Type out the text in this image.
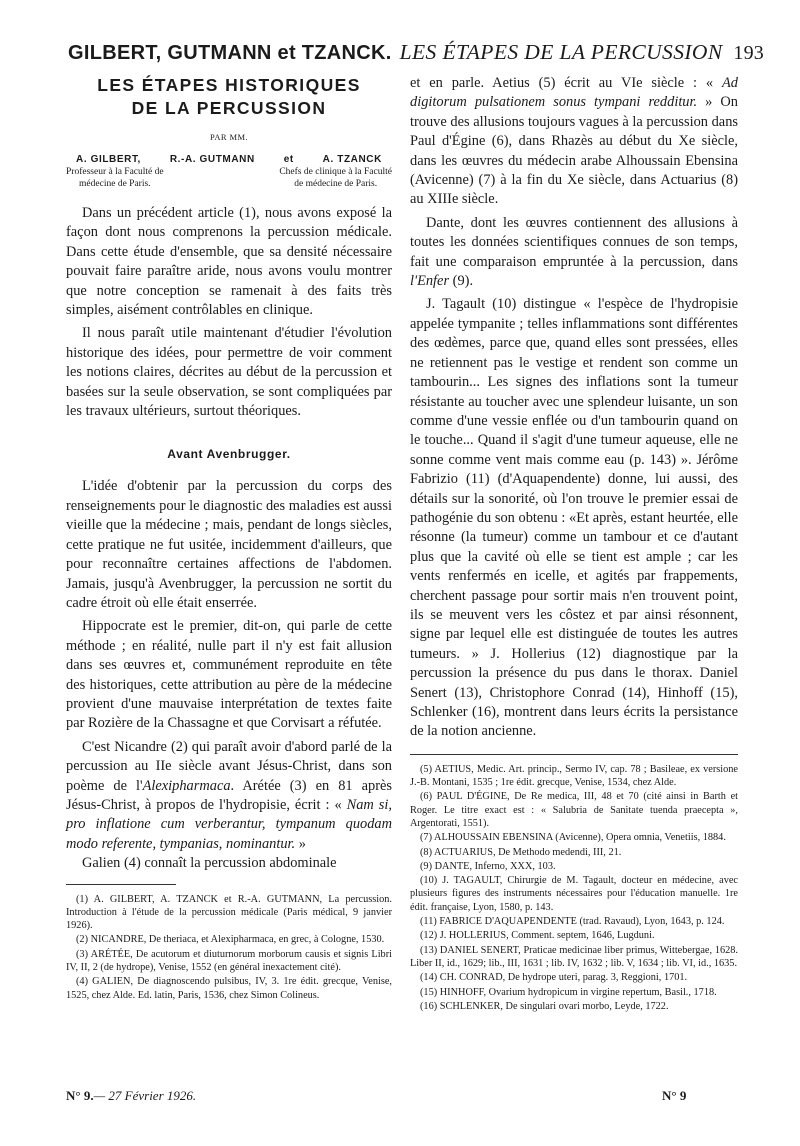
GILBERT, GUTMANN et TZANCK. LES ÉTAPES DE LA PERCUSSION 193
LES ÉTAPES HISTORIQUES
DE LA PERCUSSION
PAR MM.
A. GILBERT,	R.-A. GUTMANN	et	A. TZANCK
Professeur à la Faculté de
médecine de Paris.
Chefs de clinique à la Faculté
de médecine de Paris.

Dans un précédent article (1), nous avons exposé la façon dont nous comprenons la percussion médicale. Dans cette étude d'ensemble, que sa densité nécessaire pouvait faire paraître aride, nous avons voulu montrer que notre conception se ramenait à des faits très simples, aisément contrôlables en clinique.

Il nous paraît utile maintenant d'étudier l'évolution historique des idées, pour permettre de voir comment les notions claires, décrites au début de la percussion et basées sur la seule observation, se sont compliquées par les travaux ultérieurs, surtout théoriques.

Avant Avenbrugger.

L'idée d'obtenir par la percussion du corps des renseignements pour le diagnostic des maladies est aussi vieille que la médecine ; mais, pendant de longs siècles, cette pratique ne fut usitée, incidemment d'ailleurs, que pour reconnaître certaines affections de l'abdomen. Jamais, jusqu'à Avenbrugger, la percussion ne sortit du cadre étroit où elle était enserrée.

Hippocrate est le premier, dit-on, qui parle de cette méthode ; en réalité, nulle part il n'y est fait allusion dans ses œuvres et, communément reproduite en tête des historiques, cette attribution au père de la médecine provient d'une mauvaise interprétation de textes faite par Rozière de la Chassagne et que Corvisart a réfutée.

C'est Nicandre (2) qui paraît avoir d'abord parlé de la percussion au IIe siècle avant Jésus-Christ, dans son poème de l'Alexipharmaca. Arétée (3) en 81 après Jésus-Christ, à propos de l'hydropisie, écrit : « Nam si, pro inflatione cum verberantur, tympanum quodam modo referente, tympanias, nominantur. »

Galien (4) connaît la percussion abdominale

(1) A. GILBERT, A. TZANCK et R.-A. GUTMANN, La percussion. Introduction à l'étude de la percussion médicale (Paris médical, 9 janvier 1926).

(2) NICANDRE, De theriaca, et Alexipharmaca, en grec, à Cologne, 1530.

(3) ARÉTÉE, De acutorum et diuturnorum morborum causis et signis Libri IV, II, 2 (de hydrope), Venise, 1552 (en général inexactement cité).

(4) GALIEN, De diagnoscendo pulsibus, IV, 3. 1re édit. grecque, Venise, 1525, chez Alde. Ed. latin, Paris, 1536, chez Simon Colineus.

et en parle. Aetius (5) écrit au VIe siècle : « Ad digitorum pulsationem sonus tympani redditur. » On trouve des allusions toujours vagues à la percussion dans Paul d'Égine (6), dans Rhazès au début du Xe siècle, dans les œuvres du médecin arabe Alhoussain Ebensina (Avicenne) (7) à la fin du Xe siècle, dans Actuarius (8) au XIIIe siècle.

Dante, dont les œuvres contiennent des allusions à toutes les données scientifiques connues de son temps, fait une comparaison empruntée à la percussion, dans l'Enfer (9).

J. Tagault (10) distingue « l'espèce de l'hydropisie appelée tympanite ; telles inflammations sont différentes des œdèmes, parce que, quand elles sont pressées, elles ne retiennent pas le vestige et rendent son comme un tambourin... Les signes des inflations sont la tumeur résistante au toucher avec une splendeur luisante, un son comme d'une vessie enflée ou d'un tambourin quand on le touche... Quand il s'agit d'une tumeur aqueuse, elle ne sonne comme vent mais comme eau (p. 143) ». Jérôme Fabrizio (11) (d'Aquapendente) donne, lui aussi, des détails sur la sonorité, où l'on trouve le premier essai de pathogénie du son obtenu : «Et après, estant heurtée, elle résonne (la tumeur) comme un tambour et ce d'autant plus que la cavité où elle se tient est ample ; car les vents renfermés en icelle, et agités par frappements, cherchent passage pour sortir mais n'en trouvent point, ils se meuvent vers les côstez et par ainsi résonnent, signe par lequel elle est distinguée de toutes les autres tumeurs. » J. Hollerius (12) diagnostique par la percussion la présence du pus dans le thorax. Daniel Senert (13), Christophore Conrad (14), Hinhoff (15), Schlenker (16), montrent dans leurs écrits la persistance de la notion ancienne.

(5) AETIUS, Medic. Art. princip., Sermo IV, cap. 78 ; Basileae, ex versione J.-B. Montani, 1535 ; 1re édit. grecque, Venise, 1534, chez Alde.

(6) PAUL D'ÉGINE, De Re medica, III, 48 et 70 (cité ainsi in Barth et Roger. Le titre exact est : « Salubria de Sanitate tuenda praecepta », Argentorati, 1551).

(7) ALHOUSSAIN EBENSINA (Avicenne), Opera omnia, Venetiis, 1884.

(8) ACTUARIUS, De Methodo medendi, III, 21.

(9) DANTE, Inferno, XXX, 103.

(10) J. TAGAULT, Chirurgie de M. Tagault, docteur en médecine, avec plusieurs figures des instruments nécessaires pour l'éducation manuelle. 1re édit. française, Lyon, 1580, p. 143.

(11) FABRICE D'AQUAPENDENTE (trad. Ravaud), Lyon, 1643, p. 124.

(12) J. HOLLERIUS, Comment. septem, 1646, Lugduni.

(13) DANIEL SENERT, Praticae medicinae liber primus, Wittebergae, 1628. Liber II, id., 1629; lib., III, 1631 ; lib. IV, 1632 ; lib. V, 1634 ; lib. VI, id., 1635.

(14) CH. CONRAD, De hydrope uteri, parag. 3, Reggioni, 1701.

(15) HINHOFF, Ovarium hydropicum in virgine repertum, Basil., 1718.

(16) SCHLENKER, De singulari ovari morbo, Leyde, 1722.

N° 9. — 27 Février 1926.	N° 9
